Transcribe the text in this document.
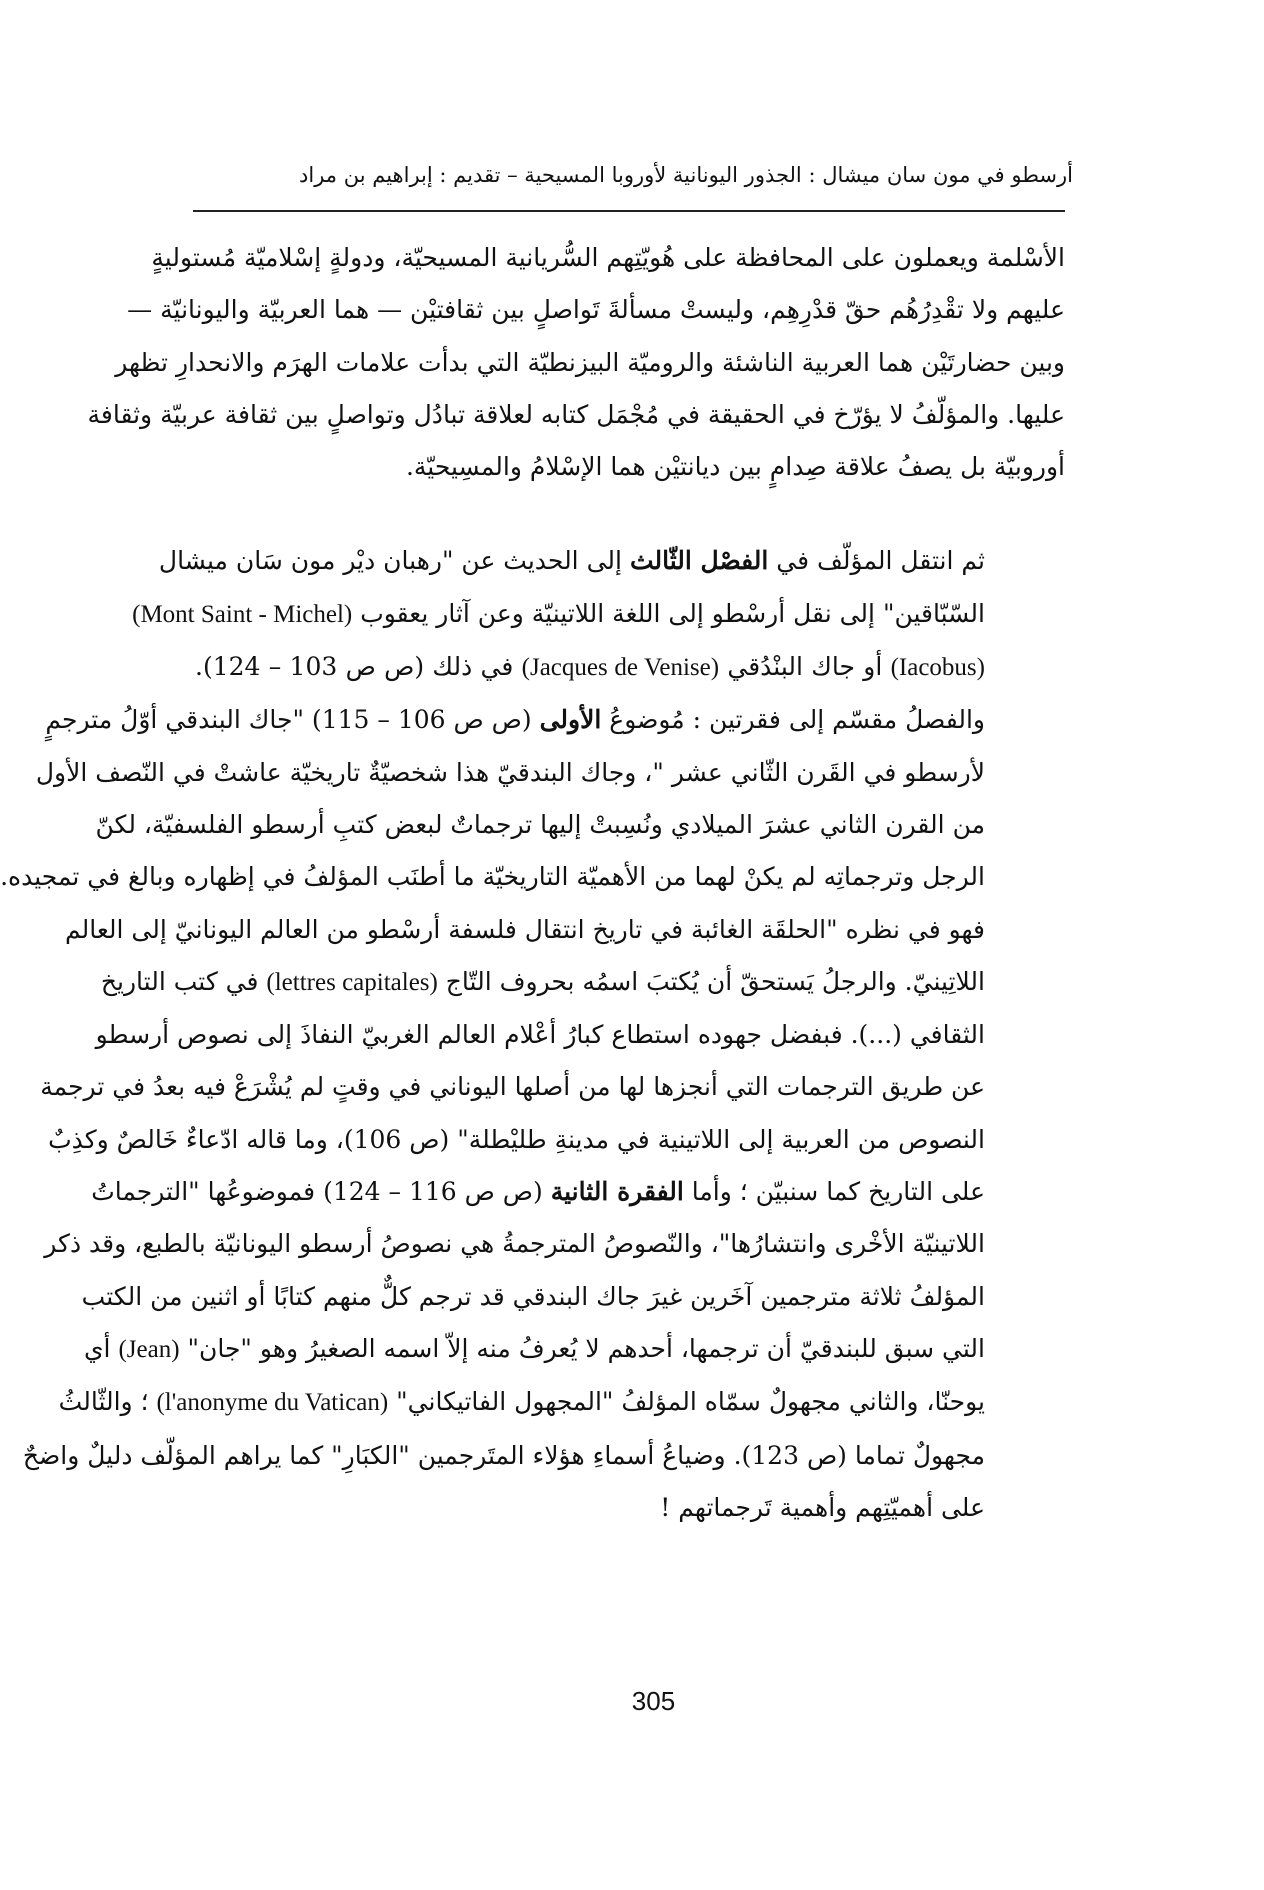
أرسطو في مون سان ميشال : الجذور اليونانية لأوروبا المسيحية – تقديم : إبراهيم بن مراد

الأسْلمة ويعملون على المحافظة على هُويّتِهم السُّريانية المسيحيّة، ودولةٍ إسْلاميّة مُستوليةٍ
عليهم ولا تقْدِرُهُم حقّ قدْرِهِم، وليستْ مسألةَ تَواصلٍ بين ثقافتيْن — هما العربيّة واليونانيّة —
وبين حضارتَيْن هما العربية الناشئة والروميّة البيزنطيّة التي بدأت علامات الهرَم والانحدارِ تظهر
عليها. والمؤلّفُ لا يؤرّخ في الحقيقة في مُجْمَل كتابه لعلاقة تبادُل وتواصلٍ بين ثقافة عربيّة وثقافة
أوروبيّة بل يصفُ علاقة صِدامٍ بين ديانتيْن هما الإسْلامُ والمسِيحيّة.

ثم انتقل المؤلّف في الفصْل الثّالث إلى الحديث عن "رهبان ديْر مون سَان ميشال
السّبّاقين" إلى نقل أرسْطو إلى اللغة اللاتينيّة وعن آثار يعقوب (Mont Saint - Michel)
(Iacobus) أو جاك البنْدُقي (Jacques de Venise) في ذلك (ص ص 103 – 124).
والفصلُ مقسّم إلى فقرتين : مُوضوعُ الأولى (ص ص 106 – 115) "جاك البندقي أوّلُ مترجمٍ
لأرسطو في القَرن الثّاني عشر "، وجاك البندقيّ هذا شخصيّةٌ تاريخيّة عاشتْ في النّصف الأول
من القرن الثاني عشرَ الميلادي ونُسِبتْ إليها ترجماتٌ لبعض كتبِ أرسطو الفلسفيّة، لكنّ
الرجل وترجماتِه لم يكنْ لهما من الأهميّة التاريخيّة ما أطنَب المؤلفُ في إظهاره وبالغ في تمجيده.
فهو في نظره "الحلقَة الغائبة في تاريخ انتقال فلسفة أرسْطو من العالم اليونانيّ إلى العالم
اللاتِينيّ. والرجلُ يَستحقّ أن يُكتبَ اسمُه بحروف التّاج (lettres capitales) في كتب التاريخ
الثقافي (...). فبفضل جهوده استطاع كبارُ أعْلام العالم الغربيّ النفاذَ إلى نصوص أرسطو
عن طريق الترجمات التي أنجزها لها من أصلها اليوناني في وقتٍ لم يُشْرَعْ فيه بعدُ في ترجمة
النصوص من العربية إلى اللاتينية في مدينةِ طليْطلة" (ص 106)، وما قاله ادّعاءٌ خَالصٌ وكذِبٌ
على التاريخ كما سنبيّن ؛ وأما الفقرة الثانية (ص ص 116 – 124) فموضوعُها "الترجماتُ
اللاتينيّة الأخْرى وانتشارُها"، والنّصوصُ المترجمةُ هي نصوصُ أرسطو اليونانيّة بالطبع، وقد ذكر
المؤلفُ ثلاثة مترجمين آخَرين غيرَ جاك البندقي قد ترجم كلٌّ منهم كتابًا أو اثنين من الكتب
التي سبق للبندقيّ أن ترجمها، أحدهم لا يُعرفُ منه إلاّ اسمه الصغيرُ وهو "جان" (Jean) أي
يوحنّا، والثاني مجهولٌ سمّاه المؤلفُ "المجهول الفاتيكاني" (l'anonyme du Vatican) ؛ والثّالثُ
مجهولٌ تماما (ص 123). وضياعُ أسماءِ هؤلاء المتَرجمين "الكبَارِ" كما يراهم المؤلّف دليلٌ واضحٌ
على أهميّتِهم وأهمية تَرجماتهم !

305
